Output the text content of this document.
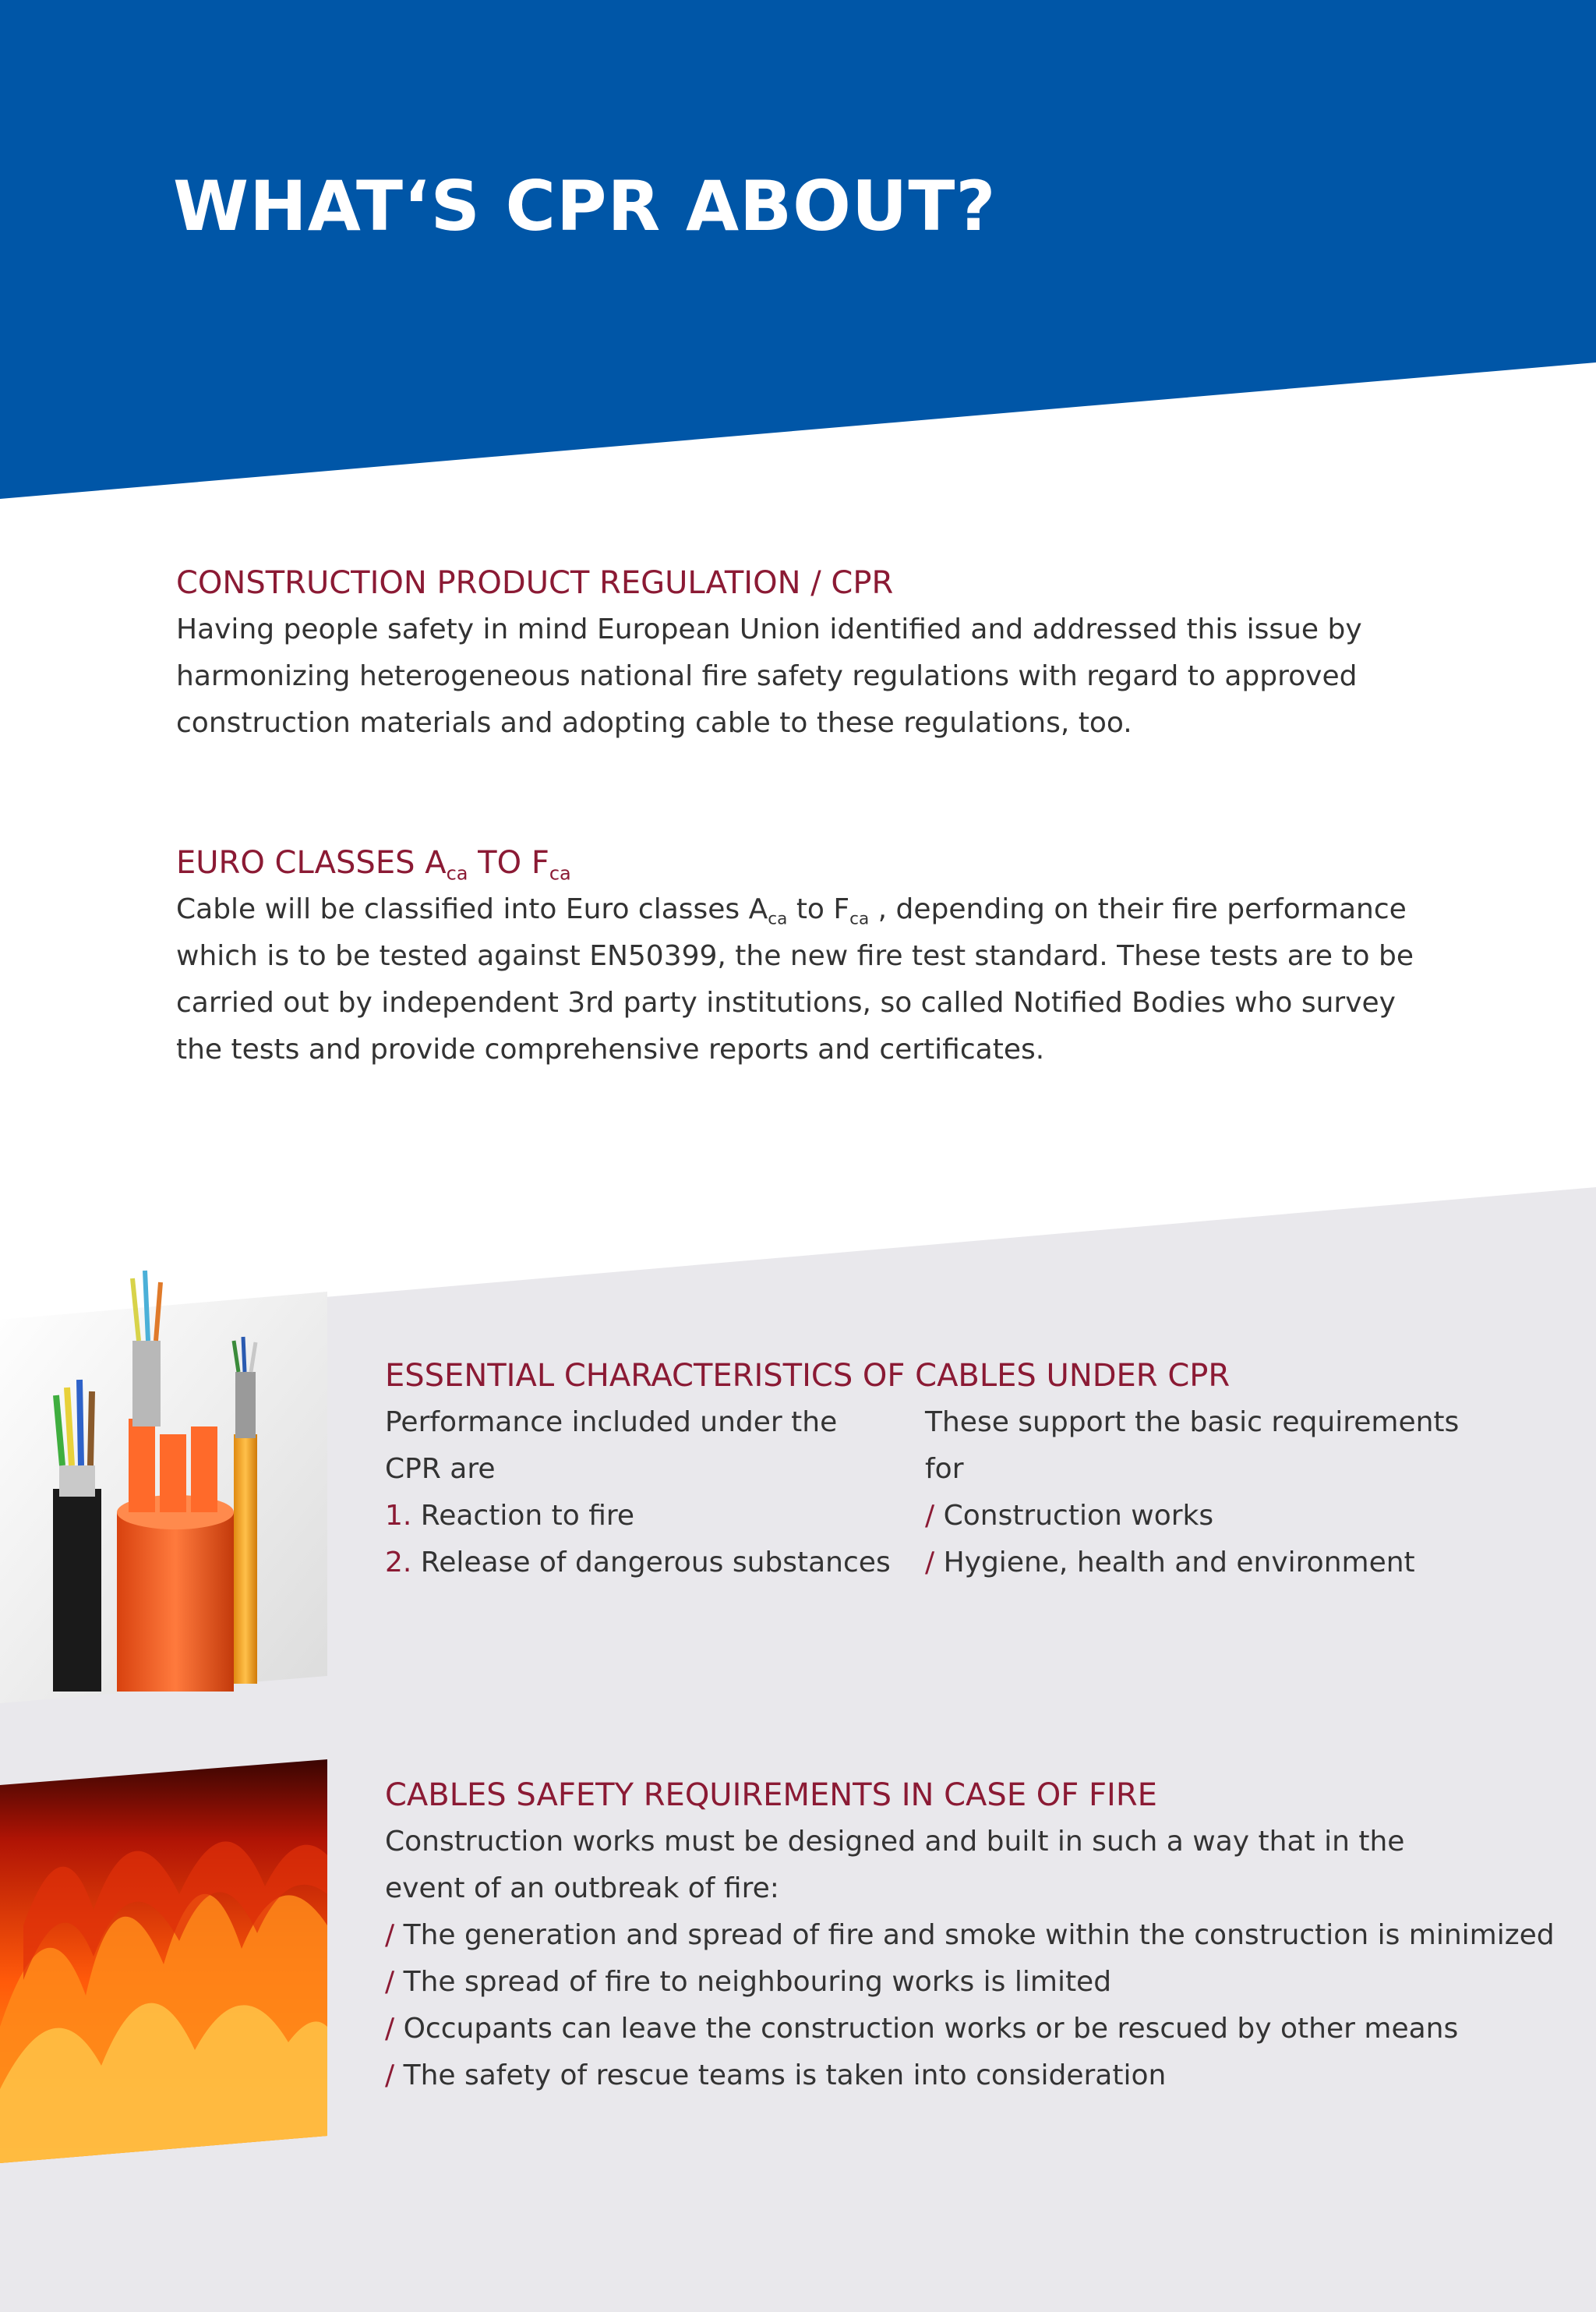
WHAT‘S CPR ABOUT?
CONSTRUCTION PRODUCT REGULATION / CPR
Having people safety in mind European Union identified and addressed this issue by
harmonizing heterogeneous national fire safety regulations with regard to approved
construction materials and adopting cable to these regulations, too.
EURO CLASSES $A_{ca}$ TO $F_{ca}$
Cable will be classified into Euro classes $A_{ca}$ to $F_{ca}$ , depending on their fire performance
which is to be tested against EN50399, the new fire test standard. These tests are to be
carried out by independent 3rd party institutions, so called Notified Bodies who survey
the tests and provide comprehensive reports and certificates.
ESSENTIAL CHARACTERISTICS OF CABLES UNDER CPR
Performance included under the
CPR are
1. Reaction to fire
2. Release of dangerous substances
These support the basic requirements
for
/ Construction works
/ Hygiene, health and environment
CABLES SAFETY REQUIREMENTS IN CASE OF FIRE
Construction works must be designed and built in such a way that in the
event of an outbreak of fire:
/ The generation and spread of fire and smoke within the construction is minimized
/ The spread of fire to neighbouring works is limited
/ Occupants can leave the construction works or be rescued by other means
/ The safety of rescue teams is taken into consideration
